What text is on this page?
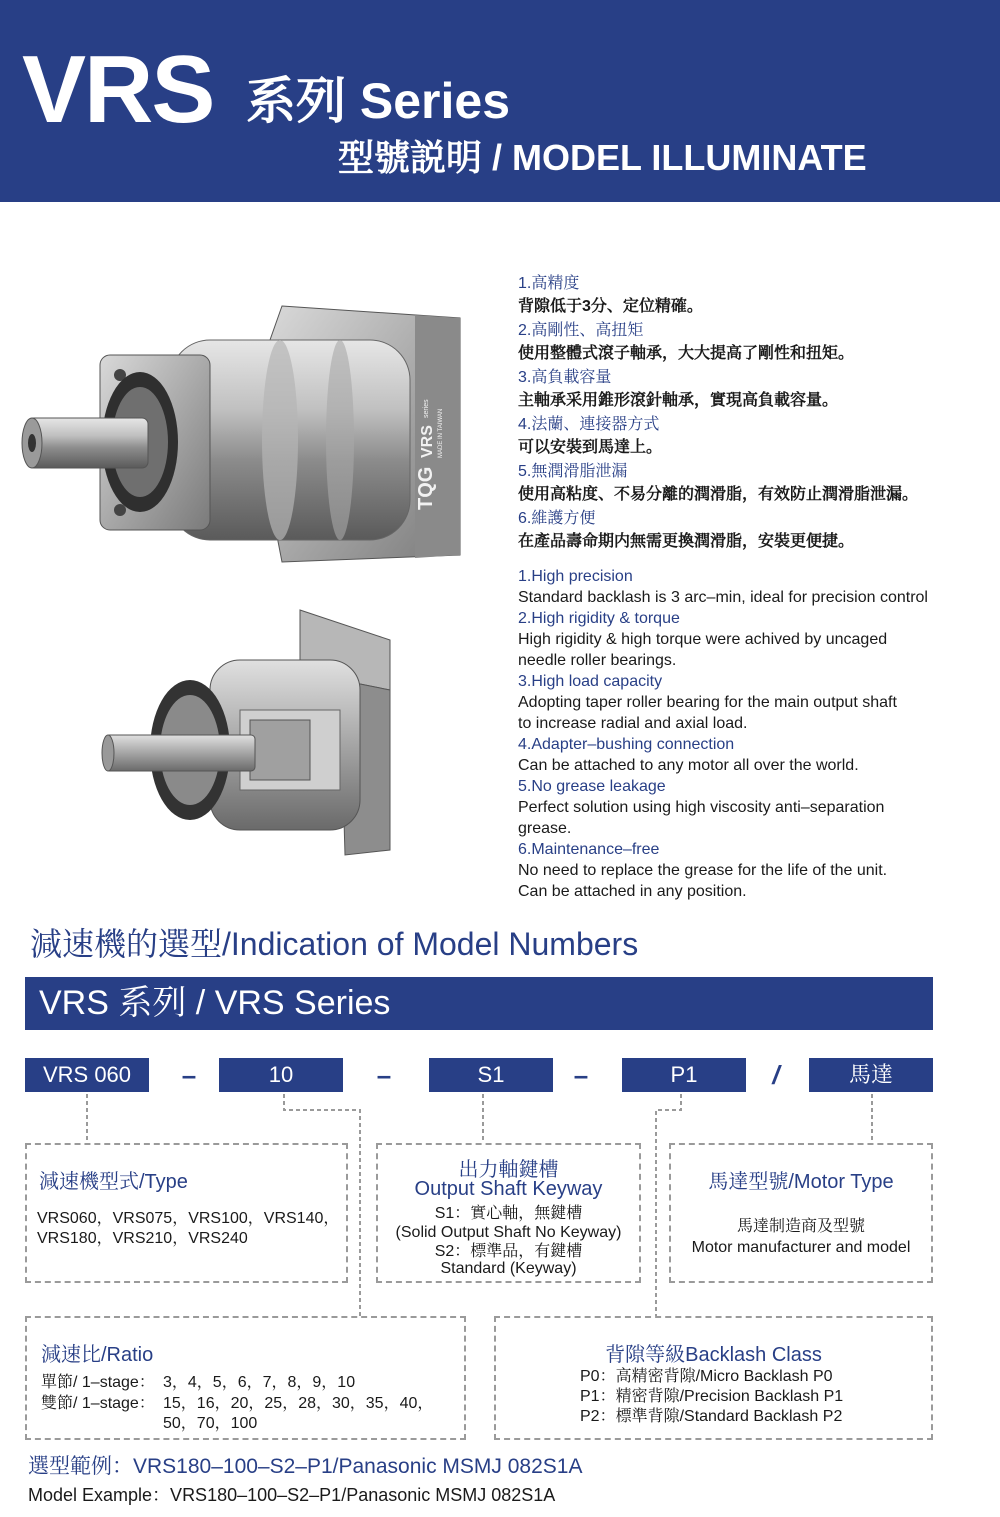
VRS 系列 Series
型號説明 / MODEL ILLUMINATE
TQG
VRS
series
MADE IN TAIWAN
1.高精度
背隙低于3分、定位精確。
2.高剛性、高扭矩
使用整體式滾子軸承，大大提高了剛性和扭矩。
3.高負載容量
主軸承采用錐形滾針軸承，實現高負載容量。
4.法蘭、連接器方式
可以安裝到馬達上。
5.無潤滑脂泄漏
使用高粘度、不易分離的潤滑脂，有效防止潤滑脂泄漏。
6.維護方便
在產品壽命期内無需更換潤滑脂，安裝更便捷。
1.High precision
Standard backlash is 3 arc–min, ideal for precision control
2.High rigidity & torque
High rigidity & high torque were achived by uncaged
needle roller bearings.
3.High load capacity
Adopting taper roller bearing for the main output shaft
to increase radial and axial load.
4.Adapter–bushing connection
Can be attached to any motor all over the world.
5.No grease leakage
Perfect solution using high viscosity anti–separation
grease.
6.Maintenance–free
No need to replace the grease for the life of the unit.
Can be attached in any position.
減速機的選型/Indication of Model Numbers
VRS 系列 / VRS Series
VRS 060	–	10	–	S1	–	P1	/	馬達
減速機型式/Type
VRS060，VRS075，VRS100，VRS140，
VRS180，VRS210，VRS240
出力軸鍵槽
Output Shaft Keyway
S1：實心軸，無鍵槽
(Solid Output Shaft No Keyway)
S2：標準品，有鍵槽
Standard (Keyway)
馬達型號/Motor Type
馬達制造商及型號
Motor manufacturer and model
減速比/Ratio
單節/ 1–stage： 3，4，5，6，7，8，9，10
雙節/ 1–stage： 15，16，20，25，28，30，35，40，
50，70，100
背隙等級Backlash Class
P0：高精密背隙/Micro Backlash P0
P1：精密背隙/Precision Backlash P1
P2：標準背隙/Standard Backlash P2
選型範例：VRS180–100–S2–P1/Panasonic MSMJ 082S1A
Model Example：VRS180–100–S2–P1/Panasonic MSMJ 082S1A
